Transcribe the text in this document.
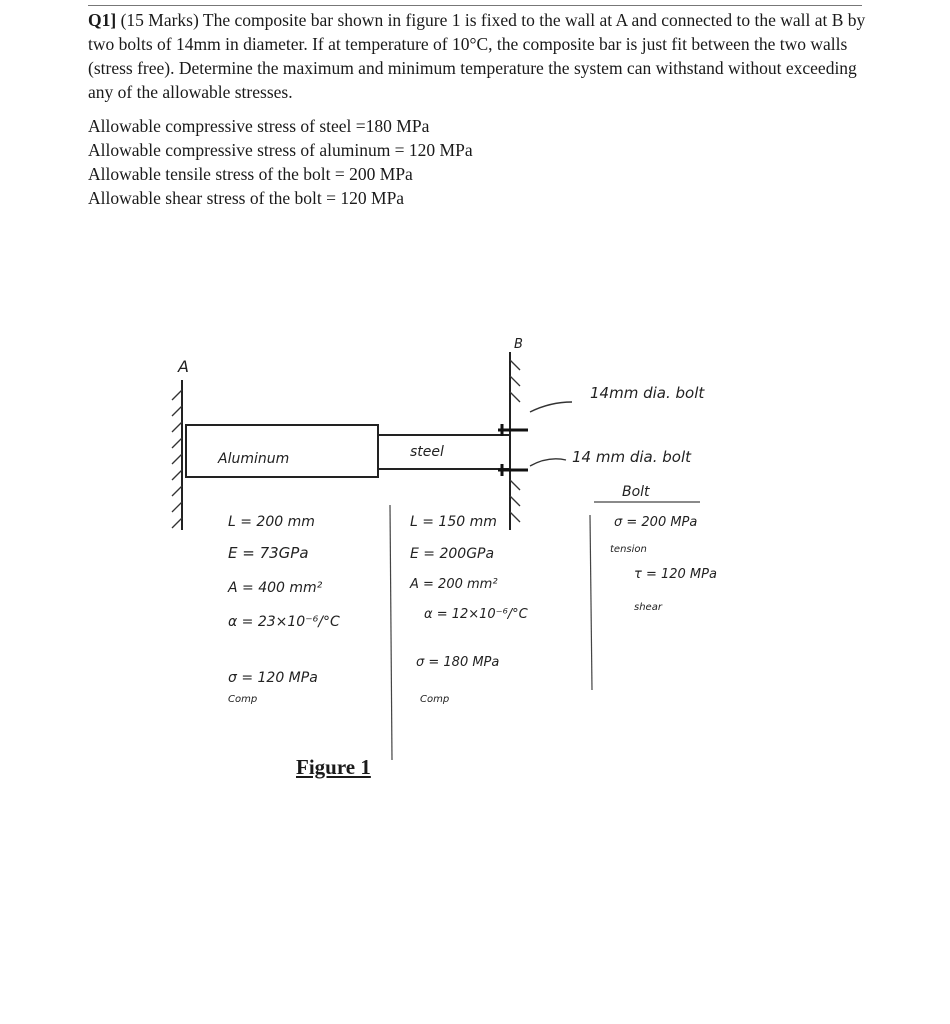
Q1] (15 Marks) The composite bar shown in figure 1 is fixed to the wall at A and connected to the wall at B by two bolts of 14mm in diameter. If at temperature of 10°C, the composite bar is just fit between the two walls (stress free). Determine the maximum and minimum temperature the system can withstand without exceeding any of the allowable stresses.

Allowable compressive stress of steel =180 MPa
Allowable compressive stress of aluminum = 120 MPa
Allowable tensile stress of the bolt = 200 MPa
Allowable shear stress of the bolt = 120 MPa

A
Aluminum	steel
B
14mm dia. bolt
14 mm dia. bolt
L = 200 mm
E = 73GPa
A = 400 mm²
α = 23×10⁻⁶/°C
σ = 120 MPa
Comp
L = 150 mm
E = 200GPa
A = 200 mm²
α = 12×10⁻⁶/°C
σ = 180 MPa
Comp
Bolt
σ = 200 MPa
tension
τ = 120 MPa
shear
Figure 1
